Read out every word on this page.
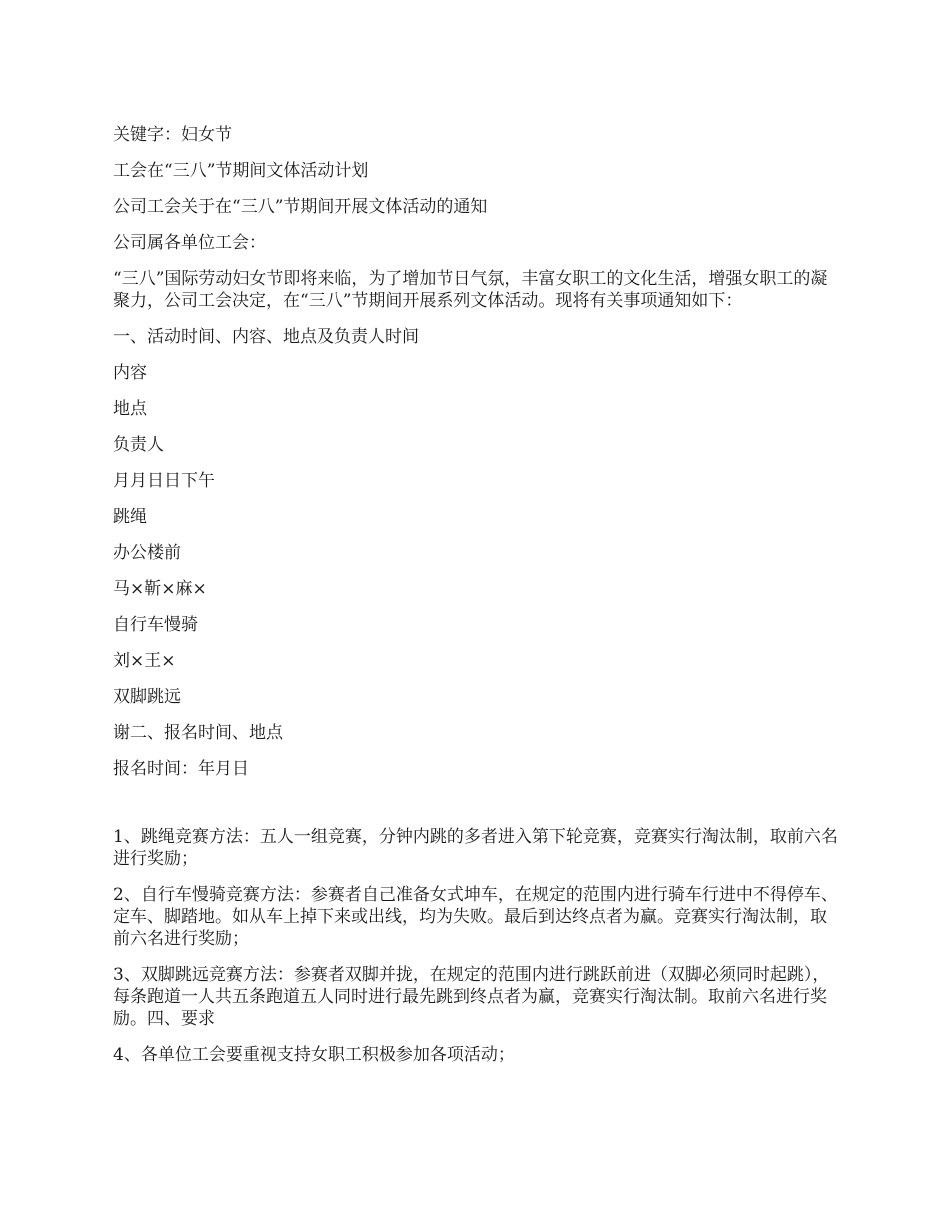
关键字：妇女节

工会在“三八”节期间文体活动计划

公司工会关于在“三八”节期间开展文体活动的通知

公司属各单位工会：

“三八”国际劳动妇女节即将来临，为了增加节日气氛，丰富女职工的文化生活，增强女职工的凝聚力，公司工会决定，在“三八”节期间开展系列文体活动。现将有关事项通知如下：

一、活动时间、内容、地点及负责人时间

内容

地点

负责人

月月日日下午

跳绳

办公楼前

马×靳×麻×

自行车慢骑

刘×王×

双脚跳远

谢二、报名时间、地点

报名时间：年月日

1、跳绳竞赛方法：五人一组竞赛，分钟内跳的多者进入第下轮竞赛，竞赛实行淘汰制，取前六名进行奖励；

2、自行车慢骑竞赛方法：参赛者自己准备女式坤车，在规定的范围内进行骑车行进中不得停车、定车、脚踏地。如从车上掉下来或出线，均为失败。最后到达终点者为赢。竞赛实行淘汰制，取前六名进行奖励；

3、双脚跳远竞赛方法：参赛者双脚并拢，在规定的范围内进行跳跃前进（双脚必须同时起跳），每条跑道一人共五条跑道五人同时进行最先跳到终点者为赢，竞赛实行淘汰制。取前六名进行奖励。四、要求

4、各单位工会要重视支持女职工积极参加各项活动；
